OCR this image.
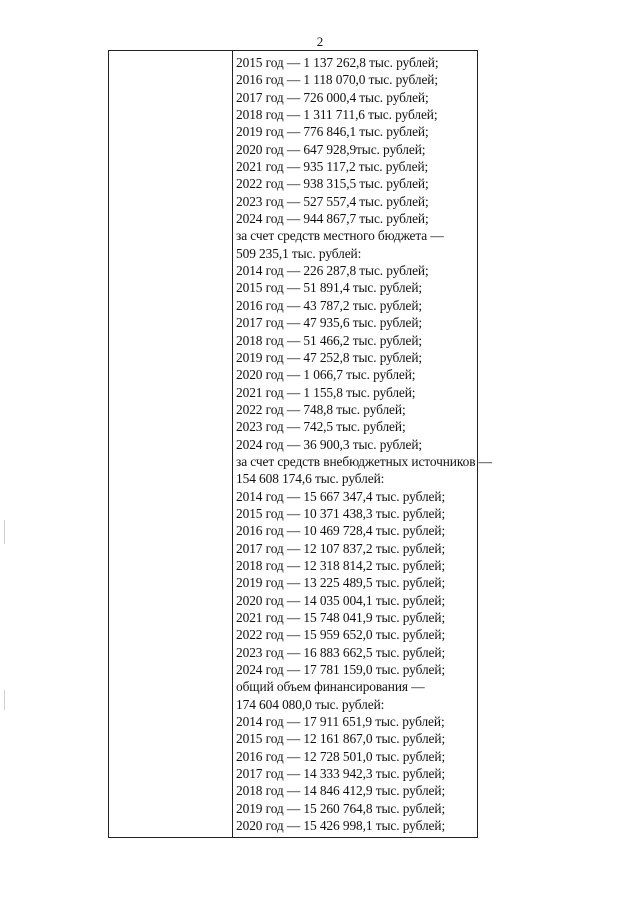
2
2015 год — 1 137 262,8 тыс. рублей;
2016 год — 1 118 070,0 тыс. рублей;
2017 год — 726 000,4 тыс. рублей;
2018 год — 1 311 711,6 тыс. рублей;
2019 год — 776 846,1 тыс. рублей;
2020 год — 647 928,9тыс. рублей;
2021 год — 935 117,2 тыс. рублей;
2022 год — 938 315,5 тыс. рублей;
2023 год — 527 557,4 тыс. рублей;
2024 год — 944 867,7 тыс. рублей;
за счет средств местного бюджета —
509 235,1 тыс. рублей:
2014 год — 226 287,8 тыс. рублей;
2015 год — 51 891,4 тыс. рублей;
2016 год — 43 787,2 тыс. рублей;
2017 год — 47 935,6 тыс. рублей;
2018 год — 51 466,2 тыс. рублей;
2019 год — 47 252,8 тыс. рублей;
2020 год — 1 066,7 тыс. рублей;
2021 год — 1 155,8 тыс. рублей;
2022 год — 748,8 тыс. рублей;
2023 год — 742,5 тыс. рублей;
2024 год — 36 900,3 тыс. рублей;
за счет средств внебюджетных источников —
154 608 174,6 тыс. рублей:
2014 год — 15 667 347,4 тыс. рублей;
2015 год — 10 371 438,3 тыс. рублей;
2016 год — 10 469 728,4 тыс. рублей;
2017 год — 12 107 837,2 тыс. рублей;
2018 год — 12 318 814,2 тыс. рублей;
2019 год — 13 225 489,5 тыс. рублей;
2020 год — 14 035 004,1 тыс. рублей;
2021 год — 15 748 041,9 тыс. рублей;
2022 год — 15 959 652,0 тыс. рублей;
2023 год — 16 883 662,5 тыс. рублей;
2024 год — 17 781 159,0 тыс. рублей;
общий объем финансирования —
174 604 080,0 тыс. рублей:
2014 год — 17 911 651,9 тыс. рублей;
2015 год — 12 161 867,0 тыс. рублей;
2016 год — 12 728 501,0 тыс. рублей;
2017 год — 14 333 942,3 тыс. рублей;
2018 год — 14 846 412,9 тыс. рублей;
2019 год — 15 260 764,8 тыс. рублей;
2020 год — 15 426 998,1 тыс. рублей;
